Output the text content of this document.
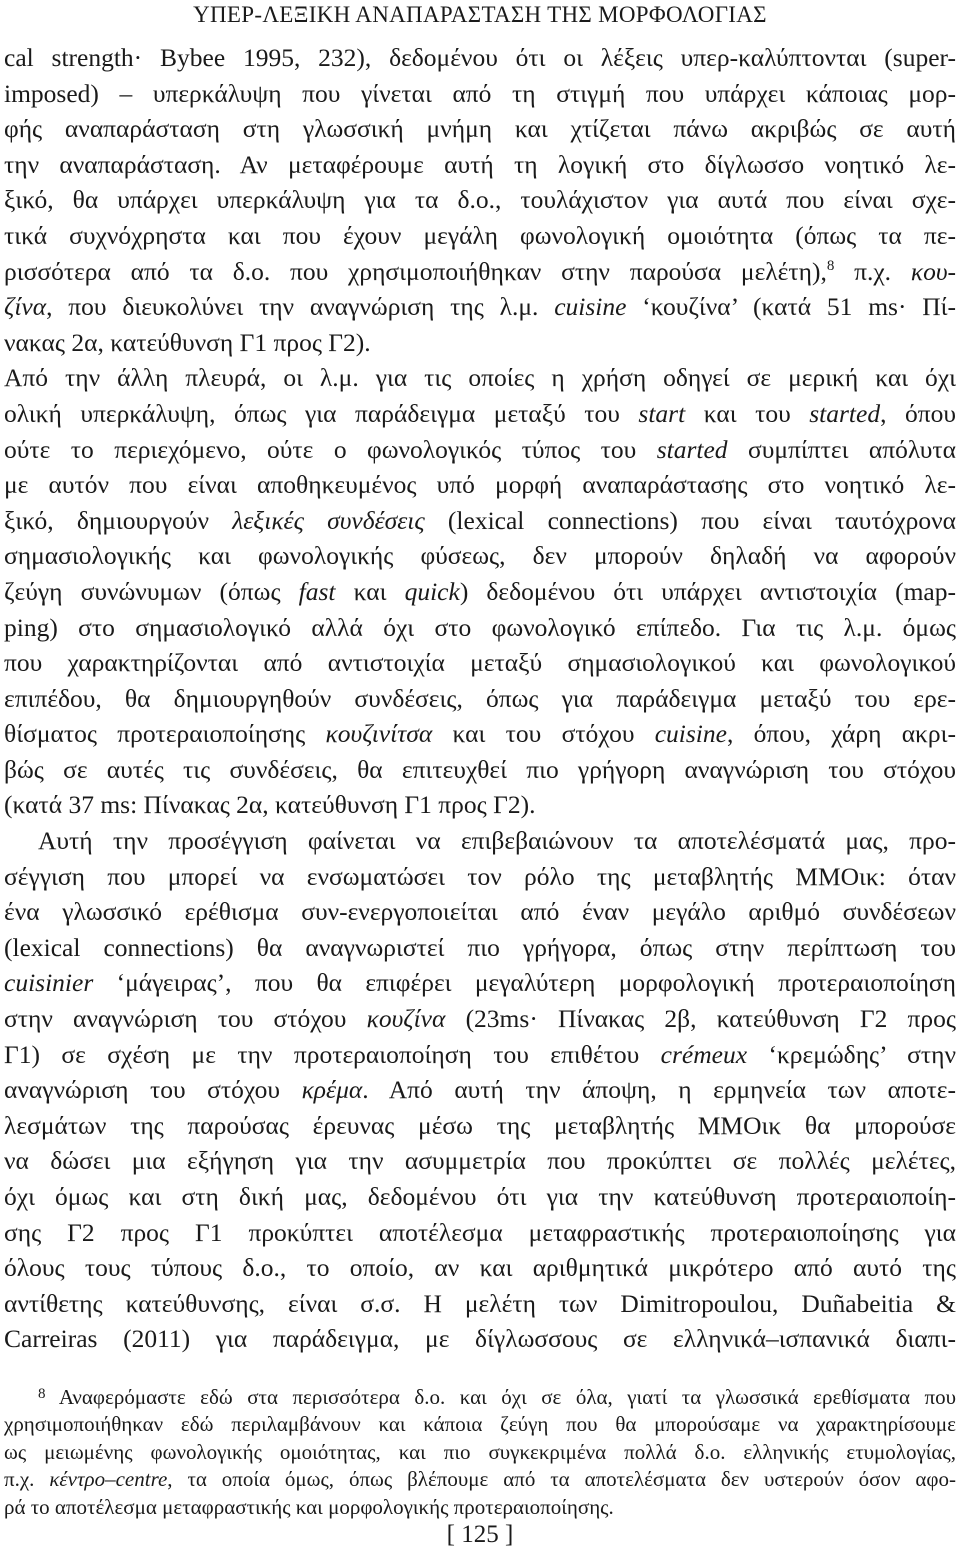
ΥΠΕΡ-ΛΕΞΙΚΗ ΑΝΑΠΑΡΑΣΤΑΣΗ ΤΗΣ ΜΟΡΦΟΛΟΓΙΑΣ

cal strength· Bybee 1995, 232), δεδομένου ότι οι λέξεις υπερ-καλύπτονται (super-
imposed) – υπερκάλυψη που γίνεται από τη στιγμή που υπάρχει κάποιας μορ-
φής αναπαράσταση στη γλωσσική μνήμη και χτίζεται πάνω ακριβώς σε αυτή
την αναπαράσταση. Αν μεταφέρουμε αυτή τη λογική στο δίγλωσσο νοητικό λε-
ξικό, θα υπάρχει υπερκάλυψη για τα δ.ο., τουλάχιστον για αυτά που είναι σχε-
τικά συχνόχρηστα και που έχουν μεγάλη φωνολογική ομοιότητα (όπως τα πε-
ρισσότερα από τα δ.ο. που χρησιμοποιήθηκαν στην παρούσα μελέτη),$^8$ π.χ. κου-
ζίνα, που διευκολύνει την αναγνώριση της λ.μ. cuisine ‘κουζίνα’ (κατά 51 ms· Πί-
νακας 2α, κατεύθυνση Γ1 προς Γ2).

Από την άλλη πλευρά, οι λ.μ. για τις οποίες η χρήση οδηγεί σε μερική και όχι
ολική υπερκάλυψη, όπως για παράδειγμα μεταξύ του start και του started, όπου
ούτε το περιεχόμενο, ούτε ο φωνολογικός τύπος του started συμπίπτει απόλυτα
με αυτόν που είναι αποθηκευμένος υπό μορφή αναπαράστασης στο νοητικό λε-
ξικό, δημιουργούν λεξικές συνδέσεις (lexical connections) που είναι ταυτόχρονα
σημασιολογικής και φωνολογικής φύσεως, δεν μπορούν δηλαδή να αφορούν
ζεύγη συνώνυμων (όπως fast και quick) δεδομένου ότι υπάρχει αντιστοιχία (map-
ping) στο σημασιολογικό αλλά όχι στο φωνολογικό επίπεδο. Για τις λ.μ. όμως
που χαρακτηρίζονται από αντιστοιχία μεταξύ σημασιολογικού και φωνολογικού
επιπέδου, θα δημιουργηθούν συνδέσεις, όπως για παράδειγμα μεταξύ του ερε-
θίσματος προτεραιοποίησης κουζινίτσα και του στόχου cuisine, όπου, χάρη ακρι-
βώς σε αυτές τις συνδέσεις, θα επιτευχθεί πιο γρήγορη αναγνώριση του στόχου
(κατά 37 ms: Πίνακας 2α, κατεύθυνση Γ1 προς Γ2).

Αυτή την προσέγγιση φαίνεται να επιβεβαιώνουν τα αποτελέσματά μας, προ-
σέγγιση που μπορεί να ενσωματώσει τον ρόλο της μεταβλητής ΜΜΟικ: όταν
ένα γλωσσικό ερέθισμα συν-ενεργοποιείται από έναν μεγάλο αριθμό συνδέσεων
(lexical connections) θα αναγνωριστεί πιο γρήγορα, όπως στην περίπτωση του
cuisinier ‘μάγειρας’, που θα επιφέρει μεγαλύτερη μορφολογική προτεραιοποίηση
στην αναγνώριση του στόχου κουζίνα (23ms· Πίνακας 2β, κατεύθυνση Γ2 προς
Γ1) σε σχέση με την προτεραιοποίηση του επιθέτου crémeux ‘κρεμώδης’ στην
αναγνώριση του στόχου κρέμα. Από αυτή την άποψη, η ερμηνεία των αποτε-
λεσμάτων της παρούσας έρευνας μέσω της μεταβλητής ΜΜΟικ θα μπορούσε
να δώσει μια εξήγηση για την ασυμμετρία που προκύπτει σε πολλές μελέτες,
όχι όμως και στη δική μας, δεδομένου ότι για την κατεύθυνση προτεραιοποίη-
σης Γ2 προς Γ1 προκύπτει αποτέλεσμα μεταφραστικής προτεραιοποίησης για
όλους τους τύπους δ.ο., το οποίο, αν και αριθμητικά μικρότερο από αυτό της
αντίθετης κατεύθυνσης, είναι σ.σ. Η μελέτη των Dimitropoulou, Duñabeitia &
Carreiras (2011) για παράδειγμα, με δίγλωσσους σε ελληνικά–ισπανικά διαπι-

$^8$ Αναφερόμαστε εδώ στα περισσότερα δ.ο. και όχι σε όλα, γιατί τα γλωσσικά ερεθίσματα που
χρησιμοποιήθηκαν εδώ περιλαμβάνουν και κάποια ζεύγη που θα μπορούσαμε να χαρακτηρίσουμε
ως μειωμένης φωνολογικής ομοιότητας, και πιο συγκεκριμένα πολλά δ.ο. ελληνικής ετυμολογίας,
π.χ. κέντρο–centre, τα οποία όμως, όπως βλέπουμε από τα αποτελέσματα δεν υστερούν όσον αφο-
ρά το αποτέλεσμα μεταφραστικής και μορφολογικής προτεραιοποίησης.
[ 125 ]
